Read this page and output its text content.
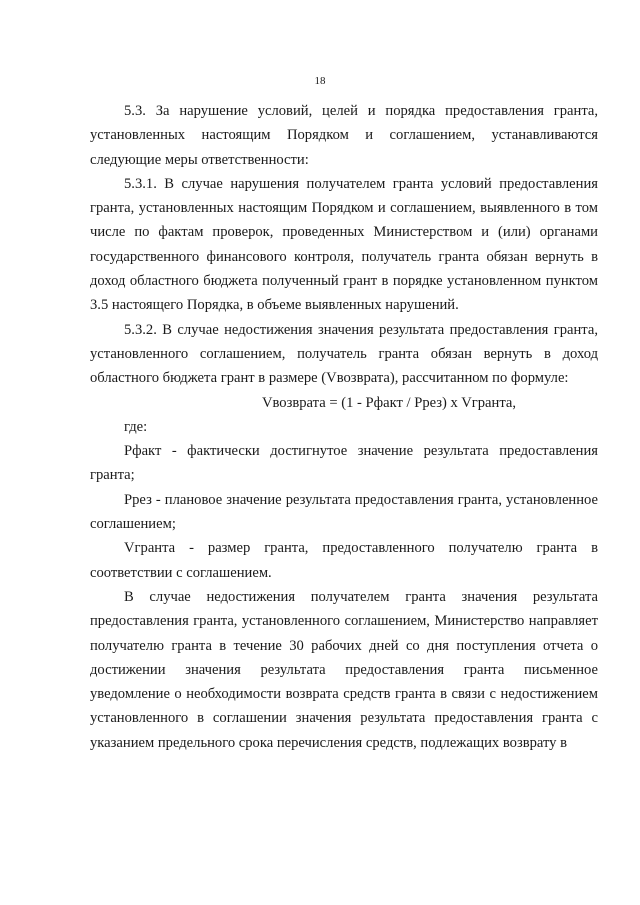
18

5.3. За нарушение условий, целей и порядка предоставления гранта, установленных настоящим Порядком и соглашением, устанавливаются следующие меры ответственности:

5.3.1. В случае нарушения получателем гранта условий предоставления гранта, установленных настоящим Порядком и соглашением, выявленного в том числе по фактам проверок, проведенных Министерством и (или) органами государственного финансового контроля, получатель гранта обязан вернуть в доход областного бюджета полученный грант в порядке установленном пунктом 3.5 настоящего Порядка, в объеме выявленных нарушений.

5.3.2. В случае недостижения значения результата предоставления гранта, установленного соглашением, получатель гранта обязан вернуть в доход областного бюджета грант в размере (Vвозврата), рассчитанном по формуле:

Vвозврата = (1 - Рфакт / Ррез) x Vгранта,

где:

Рфакт - фактически достигнутое значение результата предоставления гранта;

Ррез - плановое значение результата предоставления гранта, установленное соглашением;

Vгранта - размер гранта, предоставленного получателю гранта в соответствии с соглашением.

В случае недостижения получателем гранта значения результата предоставления гранта, установленного соглашением, Министерство направляет получателю гранта в течение 30 рабочих дней со дня поступления отчета о достижении значения результата предоставления гранта письменное уведомление о необходимости возврата средств гранта в связи с недостижением установленного в соглашении значения результата предоставления гранта с указанием предельного срока перечисления средств, подлежащих возврату в
